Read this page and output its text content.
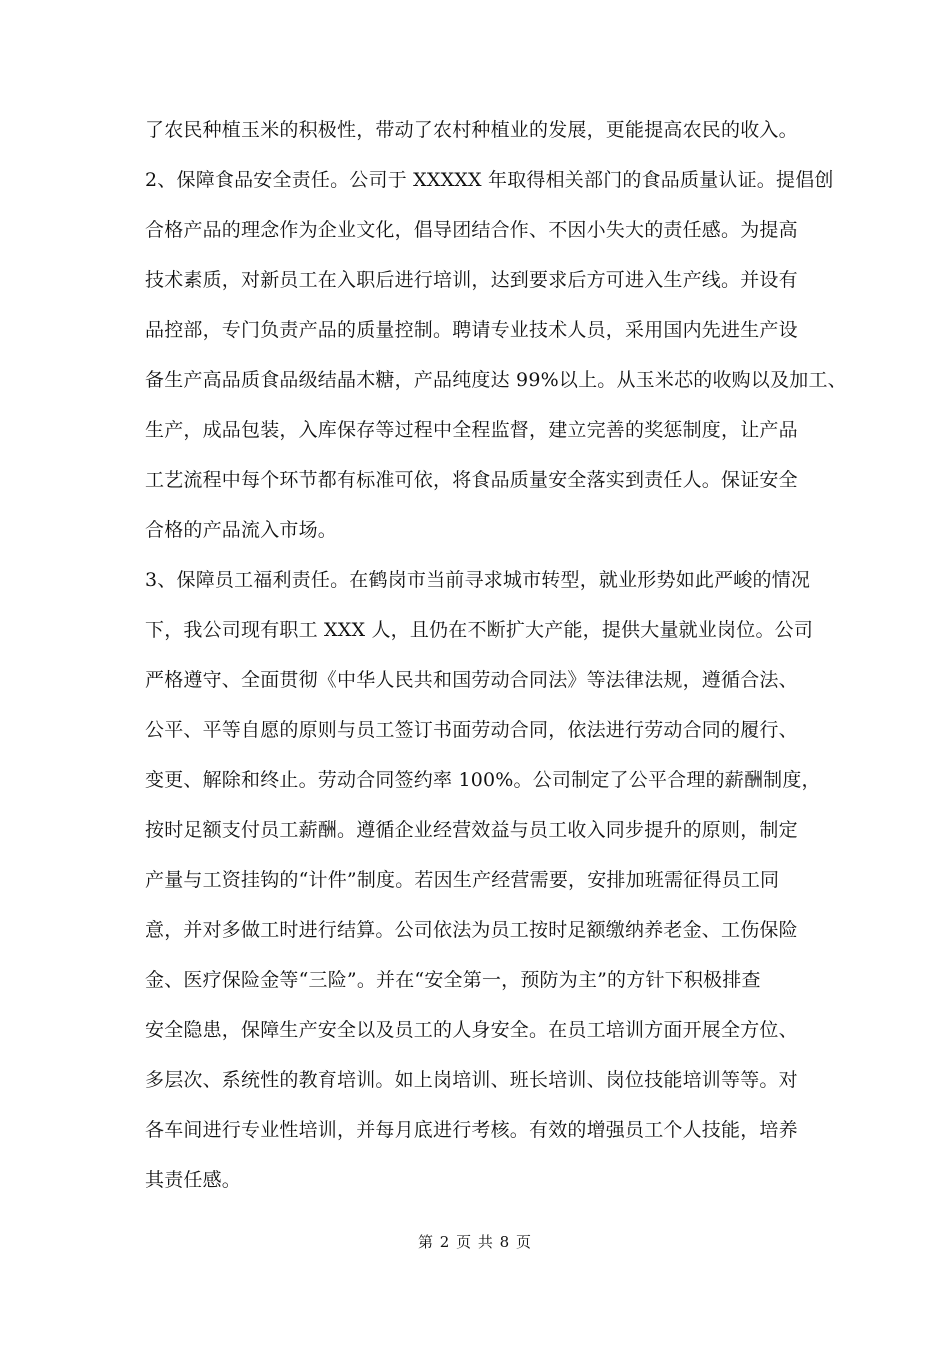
了农民种植玉米的积极性，带动了农村种植业的发展，更能提高农民的收入。
2、保障食品安全责任。公司于 XXXXX 年取得相关部门的食品质量认证。提倡创
合格产品的理念作为企业文化，倡导团结合作、不因小失大的责任感。为提高
技术素质，对新员工在入职后进行培训，达到要求后方可进入生产线。并设有
品控部，专门负责产品的质量控制。聘请专业技术人员，采用国内先进生产设
备生产高品质食品级结晶木糖，产品纯度达 99%以上。从玉米芯的收购以及加工、
生产，成品包装，入库保存等过程中全程监督，建立完善的奖惩制度，让产品
工艺流程中每个环节都有标准可依，将食品质量安全落实到责任人。保证安全
合格的产品流入市场。
3、保障员工福利责任。在鹤岗市当前寻求城市转型，就业形势如此严峻的情况
下，我公司现有职工 XXX 人，且仍在不断扩大产能，提供大量就业岗位。公司
严格遵守、全面贯彻《中华人民共和国劳动合同法》等法律法规，遵循合法、
公平、平等自愿的原则与员工签订书面劳动合同，依法进行劳动合同的履行、
变更、解除和终止。劳动合同签约率 100%。公司制定了公平合理的薪酬制度，
按时足额支付员工薪酬。遵循企业经营效益与员工收入同步提升的原则，制定
产量与工资挂钩的“计件”制度。若因生产经营需要，安排加班需征得员工同
意，并对多做工时进行结算。公司依法为员工按时足额缴纳养老金、工伤保险
金、医疗保险金等“三险”。并在“安全第一，预防为主”的方针下积极排查
安全隐患，保障生产安全以及员工的人身安全。在员工培训方面开展全方位、
多层次、系统性的教育培训。如上岗培训、班长培训、岗位技能培训等等。对
各车间进行专业性培训，并每月底进行考核。有效的增强员工个人技能，培养
其责任感。
第 2 页 共 8 页
